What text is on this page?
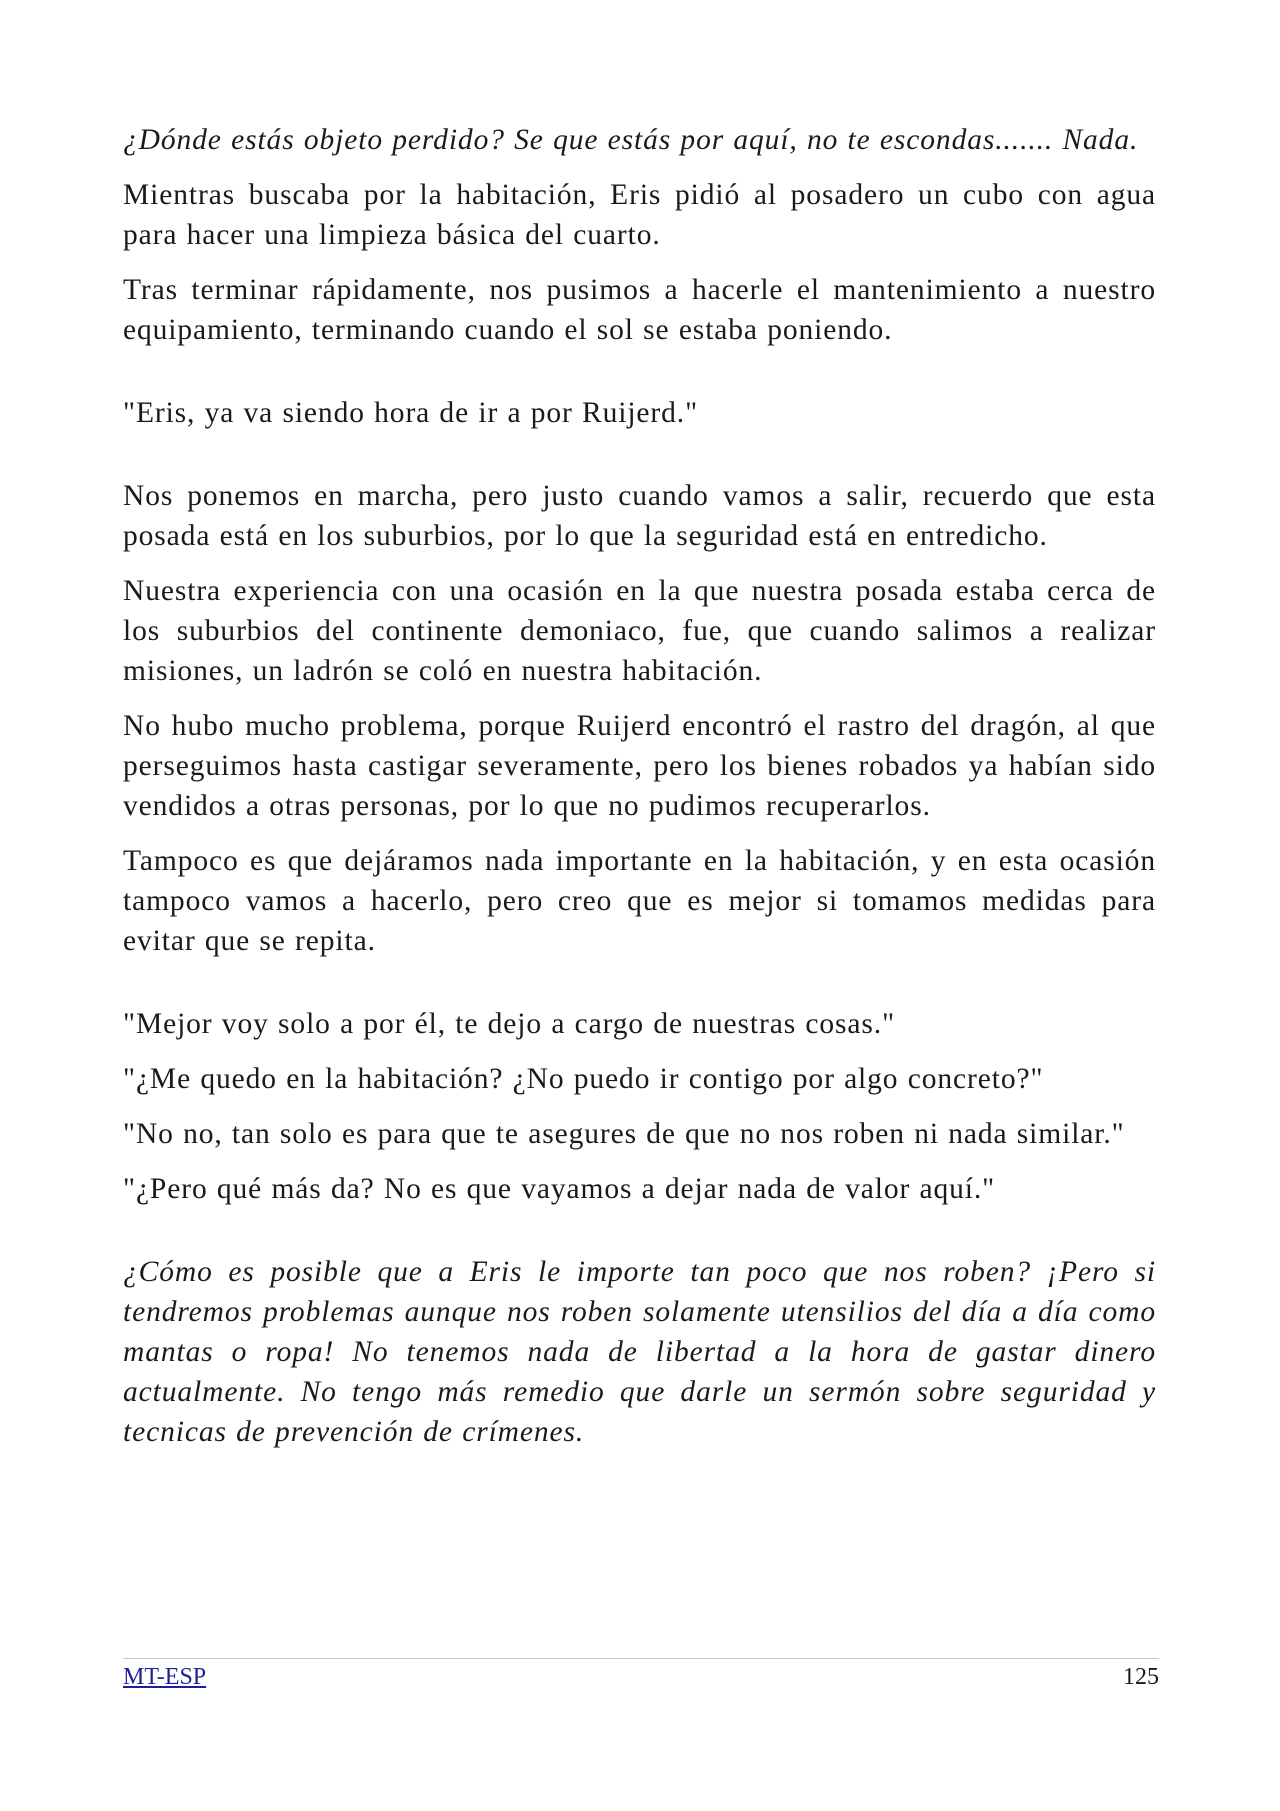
¿Dónde estás objeto perdido? Se que estás por aquí, no te escondas....... Nada.

Mientras buscaba por la habitación, Eris pidió al posadero un cubo con agua para hacer una limpieza básica del cuarto.

Tras terminar rápidamente, nos pusimos a hacerle el mantenimiento a nuestro equipamiento, terminando cuando el sol se estaba poniendo.

"Eris, ya va siendo hora de ir a por Ruijerd."

Nos ponemos en marcha, pero justo cuando vamos a salir, recuerdo que esta posada está en los suburbios, por lo que la seguridad está en entredicho.

Nuestra experiencia con una ocasión en la que nuestra posada estaba cerca de los suburbios del continente demoniaco, fue, que cuando salimos a realizar misiones, un ladrón se coló en nuestra habitación.

No hubo mucho problema, porque Ruijerd encontró el rastro del dragón, al que perseguimos hasta castigar severamente, pero los bienes robados ya habían sido vendidos a otras personas, por lo que no pudimos recuperarlos.

Tampoco es que dejáramos nada importante en la habitación, y en esta ocasión tampoco vamos a hacerlo, pero creo que es mejor si tomamos medidas para evitar que se repita.

"Mejor voy solo a por él, te dejo a cargo de nuestras cosas."

"¿Me quedo en la habitación? ¿No puedo ir contigo por algo concreto?"

"No no, tan solo es para que te asegures de que no nos roben ni nada similar."

"¿Pero qué más da? No es que vayamos a dejar nada de valor aquí."

¿Cómo es posible que a Eris le importe tan poco que nos roben? ¡Pero si tendremos problemas aunque nos roben solamente utensilios del día a día como mantas o ropa! No tenemos nada de libertad a la hora de gastar dinero actualmente. No tengo más remedio que darle un sermón sobre seguridad y tecnicas de prevención de crímenes.

MT-ESP	125
